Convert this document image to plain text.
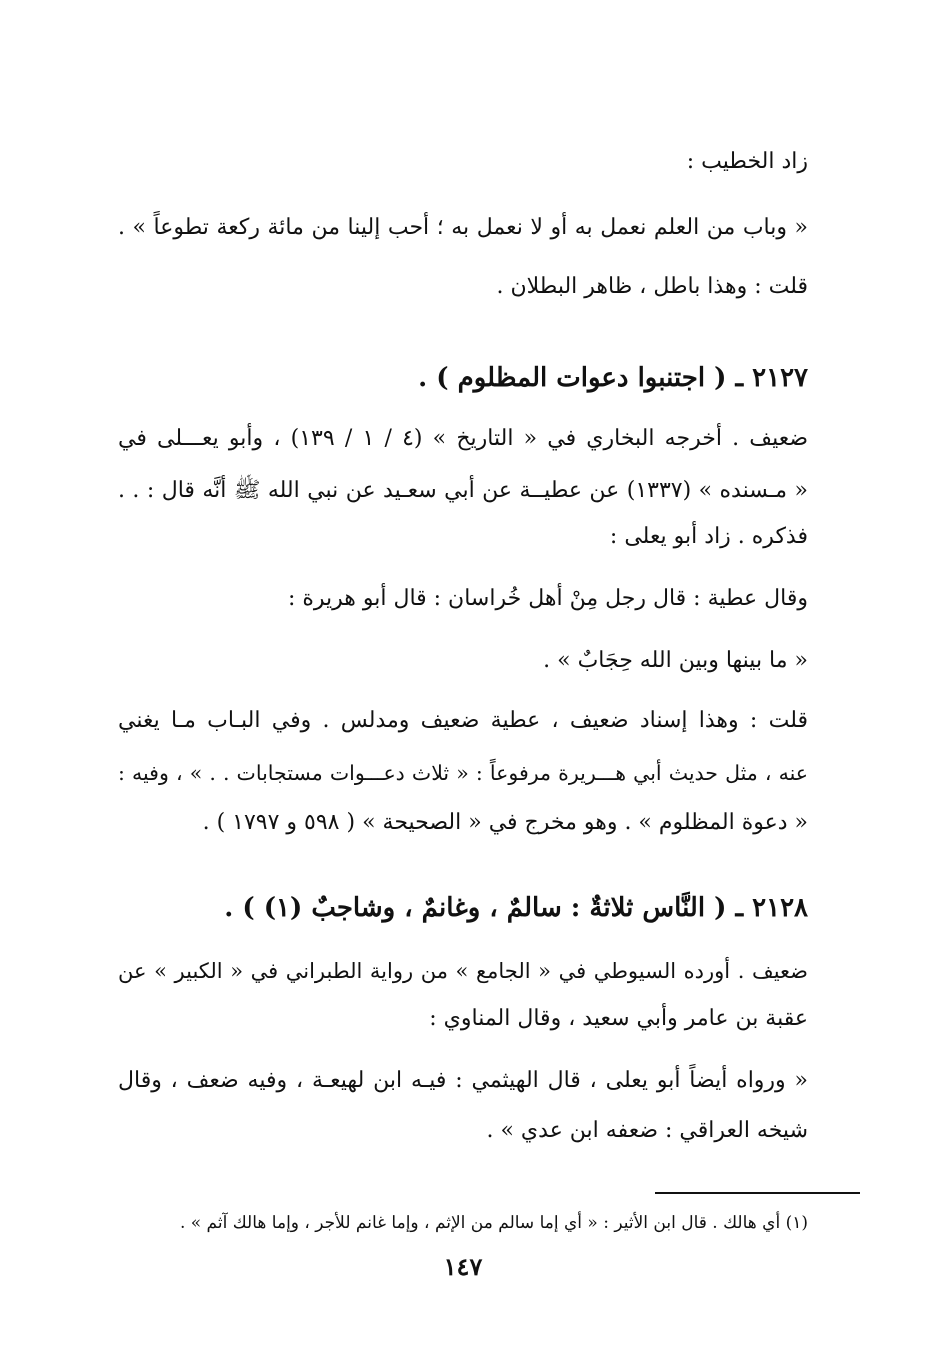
زاد الخطيب :
« وباب من العلم نعمل به أو لا نعمل به ؛ أحب إلينا من مائة ركعة تطوعاً » .
قلت : وهذا باطل ، ظاهر البطلان .
٢١٢٧ ـ ( اجتنبوا دعوات المظلوم ) .
ضعيف . أخرجه البخاري في « التاريخ » (٤ / ١ / ١٣٩) ، وأبو يعـــلى في
« مـسنده » (١٣٣٧) عن عطيــة عن أبي سعـيد عن نبي الله ﷺ أنَّه قال : . .
فذكره . زاد أبو يعلى :
وقال عطية : قال رجل مِنْ أهل خُراسان : قال أبو هريرة :
« ما بينها وبين الله حِجَابٌ » .
قلت : وهذا إسناد ضعيف ، عطية ضعيف ومدلس . وفي البـاب مـا يغني
عنه ، مثل حديث أبي هـــريرة مرفوعاً : « ثلاث دعـــوات مستجابات . . » ، وفيه :
« دعوة المظلوم » . وهو مخرج في « الصحيحة » ( ٥٩٨ و ١٧٩٧ ) .
٢١٢٨ ـ ( النَّاس ثلاثةٌ : سالمٌ ، وغانمٌ ، وشاجبٌ (١) ) .
ضعيف . أورده السيوطي في « الجامع » من رواية الطبراني في « الكبير » عن
عقبة بن عامر وأبي سعيد ، وقال المناوي :
« ورواه أيضاً أبو يعلى ، قال الهيثمي : فيـه ابن لهيعـة ، وفيه ضعف ، وقال
شيخه العراقي : ضعفه ابن عدي » .
(١) أي هالك . قال ابن الأثير : « أي إما سالم من الإثم ، وإما غانم للأجر ، وإما هالك آثم » .
١٤٧
